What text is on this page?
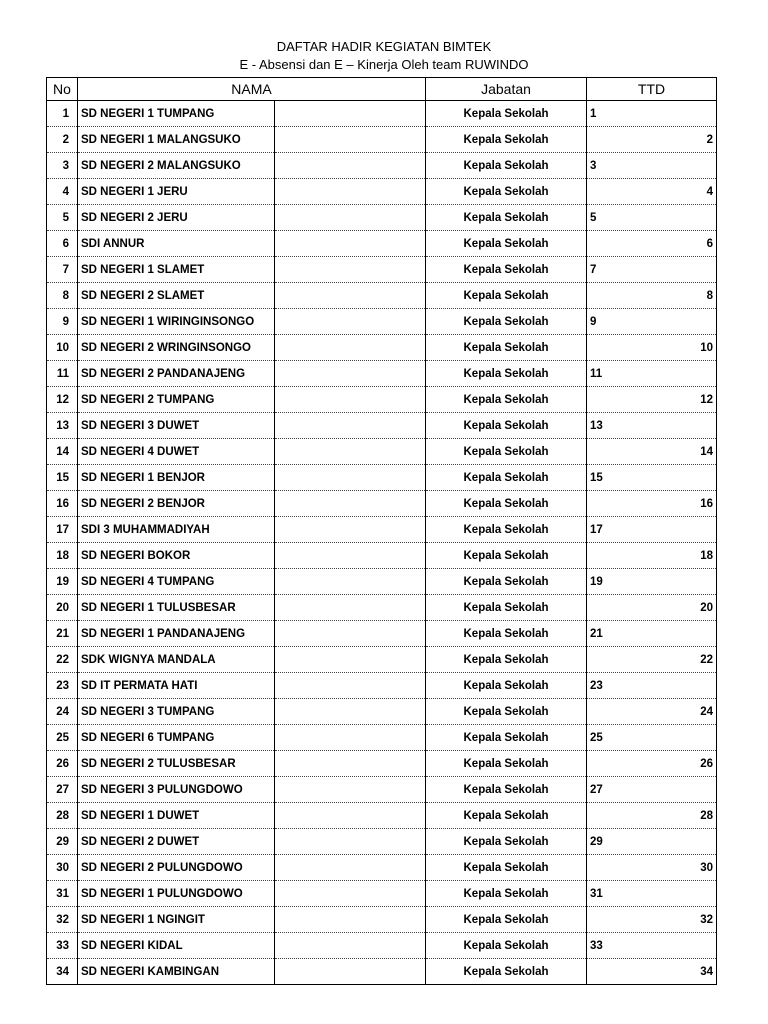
DAFTAR HADIR KEGIATAN BIMTEK
E - Absensi dan E – Kinerja Oleh team RUWINDO
No	NAMA		Jabatan	TTD
1	SD NEGERI 1 TUMPANG		Kepala Sekolah	1
2	SD NEGERI 1 MALANGSUKO		Kepala Sekolah	2
3	SD NEGERI 2 MALANGSUKO		Kepala Sekolah	3
4	SD NEGERI 1 JERU		Kepala Sekolah	4
5	SD NEGERI 2 JERU		Kepala Sekolah	5
6	SDI ANNUR		Kepala Sekolah	6
7	SD NEGERI 1 SLAMET		Kepala Sekolah	7
8	SD NEGERI 2 SLAMET		Kepala Sekolah	8
9	SD NEGERI 1 WIRINGINSONGO		Kepala Sekolah	9
10	SD NEGERI 2 WRINGINSONGO		Kepala Sekolah	10
11	SD NEGERI 2 PANDANAJENG		Kepala Sekolah	11
12	SD NEGERI 2 TUMPANG		Kepala Sekolah	12
13	SD NEGERI 3 DUWET		Kepala Sekolah	13
14	SD NEGERI 4 DUWET		Kepala Sekolah	14
15	SD NEGERI 1 BENJOR		Kepala Sekolah	15
16	SD NEGERI 2 BENJOR		Kepala Sekolah	16
17	SDI 3 MUHAMMADIYAH		Kepala Sekolah	17
18	SD NEGERI BOKOR		Kepala Sekolah	18
19	SD NEGERI 4 TUMPANG		Kepala Sekolah	19
20	SD NEGERI 1 TULUSBESAR		Kepala Sekolah	20
21	SD NEGERI 1 PANDANAJENG		Kepala Sekolah	21
22	SDK WIGNYA MANDALA		Kepala Sekolah	22
23	SD IT PERMATA HATI		Kepala Sekolah	23
24	SD NEGERI 3 TUMPANG		Kepala Sekolah	24
25	SD NEGERI 6 TUMPANG		Kepala Sekolah	25
26	SD NEGERI 2 TULUSBESAR		Kepala Sekolah	26
27	SD NEGERI 3 PULUNGDOWO		Kepala Sekolah	27
28	SD NEGERI 1 DUWET		Kepala Sekolah	28
29	SD NEGERI 2 DUWET		Kepala Sekolah	29
30	SD NEGERI 2 PULUNGDOWO		Kepala Sekolah	30
31	SD NEGERI 1 PULUNGDOWO		Kepala Sekolah	31
32	SD NEGERI 1 NGINGIT		Kepala Sekolah	32
33	SD NEGERI KIDAL		Kepala Sekolah	33
34	SD NEGERI KAMBINGAN		Kepala Sekolah	34
